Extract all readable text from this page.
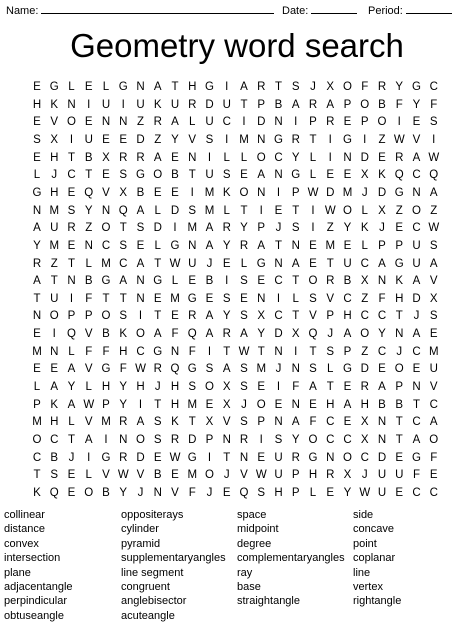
Name:	Date:	Period:
Geometry word search
E G L E L G N A T H G I	A R T S J X O F R Y G C
H K N I	U I	U K U R D U T P B A R A P O B F Y F
E V O E N N Z R A L U C I	D N I	P R E P O I	E S
S X	I	U E E D Z Y V S	I M N G R T	I G I	Z W V	I
E H T B X R R A E N I	L L O C Y L	I	N D E R A W
L J C T E S G O B T U S E A N G L E E X K Q C Q
G H E Q V X B E E	I M K O N I	P W D M J D G N A
N M S Y N Q A L D S M L T	I	E T	I W O L X Z O Z
A U R Z O T S D I M A R Y P J S	I	Z Y K J E C W
Y M E N C S E L G N A Y R A T N E M E L P P U S
R Z T L M C A T W U J E L G N A E T U C A G U A
A T N B G A N G L E B	I	S E C T O R B X N K A V
T U I	F T T N E M G E S E N I	L S V C Z F H D X
N O P P O S	I	T E R A Y S X C T V P H C C T J S
E	I Q V B K O A F Q A R A Y D X Q J A O Y N A E
M N L F F H C G N F	I	T W T N I	T S P Z C J C M
E E A V G F W R Q G S A S M J N S L G D E O E U
L A Y L H Y H J H S O X S E	I	F A T E R A P N V
P K A W P Y	I	T H M E X J O E N E H A H B B T C
M H L V M R A S K T X V S P N A F C E X N T C A
O C T A	I	N O S R D P N R I	S Y O C C X N T A O
C B J	I G R D E W G I	T N E U R G N O C D E G F
T S E L V W V B E M O J V W U P H R X J U U F E
K Q E O B Y J N V F J E Q S H P L E Y W U E C C
collinear
distance
convex
intersection
plane
adjacentangle
perpindicular
obtuseangle
oppositerays
cylinder
pyramid
supplementaryangles
line segment
congruent
anglebisector
acuteangle
space
midpoint
degree
complementaryangles
ray
base
straightangle
side
concave
point
coplanar
line
vertex
rightangle
